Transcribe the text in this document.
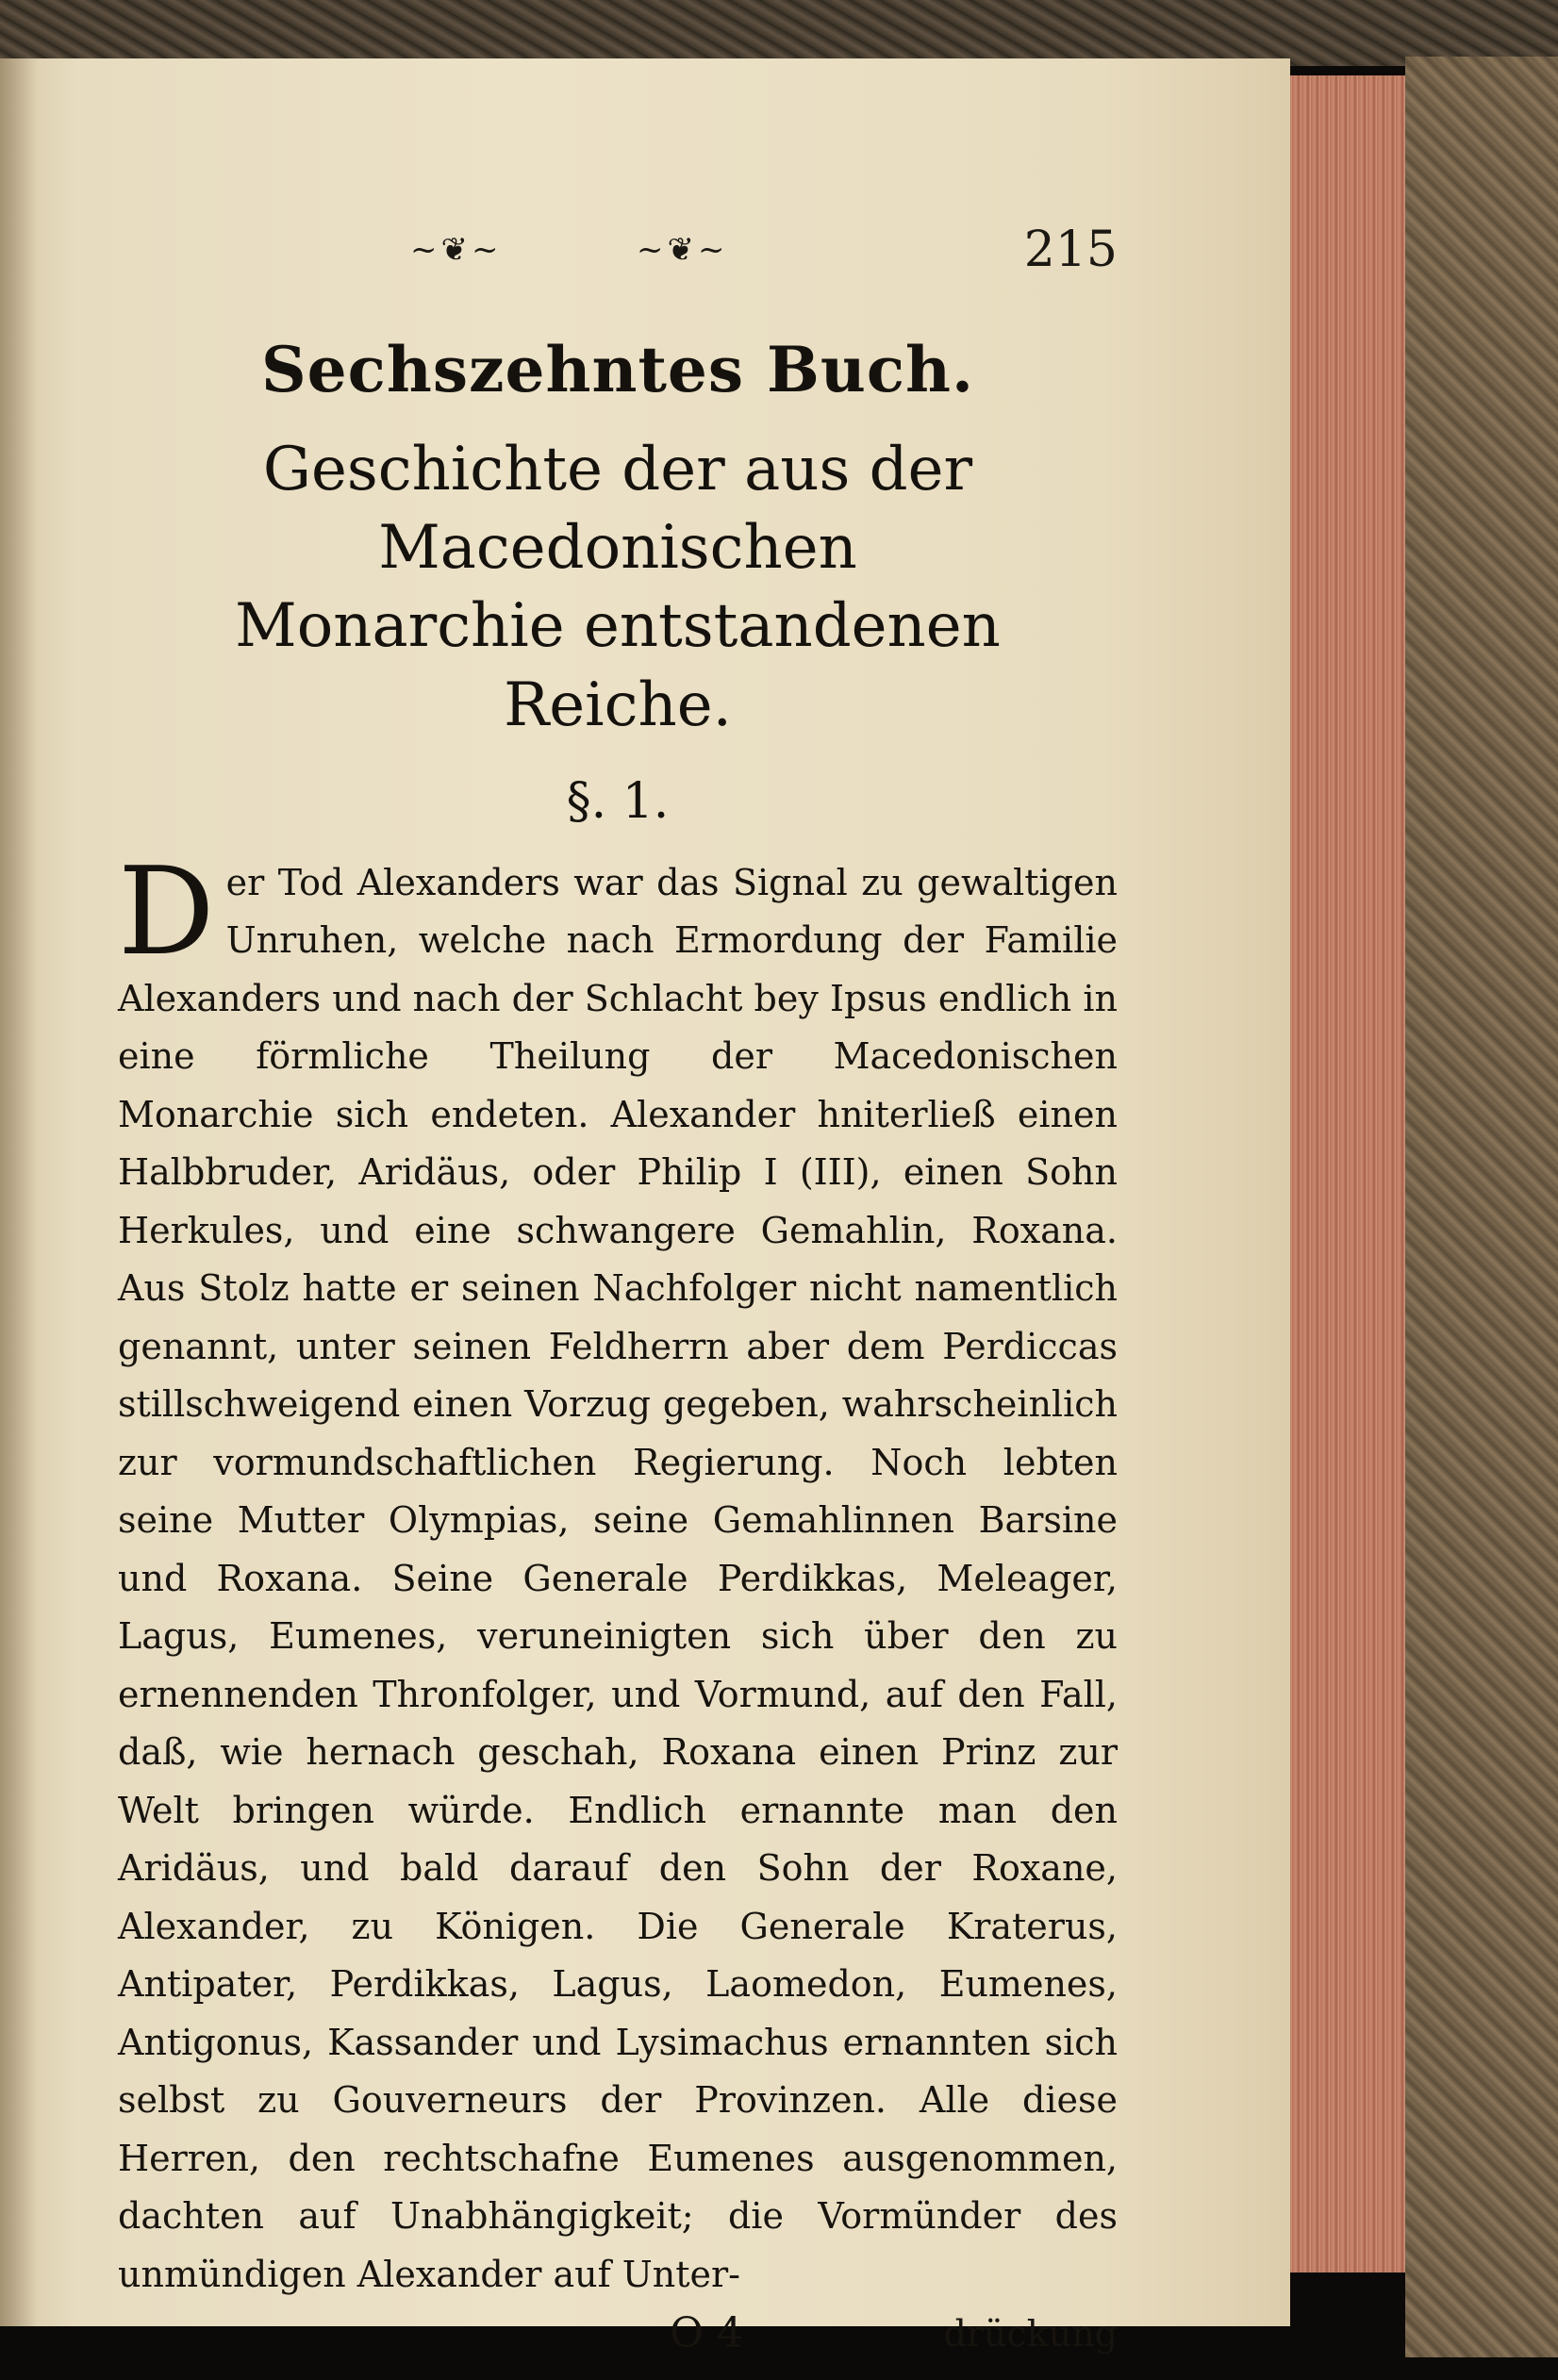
~❦~	~❦~	215
Sechszehntes Buch.
Geschichte der aus der Macedonischen
Monarchie entstandenen Reiche.
§. 1.

D er Tod Alexanders war das Signal zu gewaltigen Unruhen, welche nach Ermordung der Familie Alexanders und nach der Schlacht bey Ipsus endlich in eine förmliche Theilung der Macedonischen Monarchie sich endeten. Alexander hniterließ einen Halbbruder, Aridäus, oder Philip I (III), einen Sohn Herkules, und eine schwangere Gemahlin, Roxana. Aus Stolz hatte er seinen Nachfolger nicht namentlich genannt, unter seinen Feldherrn aber dem Perdiccas stillschweigend einen Vorzug gegeben, wahrscheinlich zur vormundschaftlichen Regierung. Noch lebten seine Mutter Olympias, seine Gemahlinnen Barsine und Roxana. Seine Generale Perdikkas, Meleager, Lagus, Eumenes, veruneinigten sich über den zu ernennenden Thronfolger, und Vormund, auf den Fall, daß, wie hernach geschah, Roxana einen Prinz zur Welt bringen würde. Endlich ernannte man den Aridäus, und bald darauf den Sohn der Roxane, Alexander, zu Königen. Die Generale Kraterus, Antipater, Perdikkas, Lagus, Laomedon, Eumenes, Antigonus, Kassander und Lysimachus ernannten sich selbst zu Gouverneurs der Provinzen. Alle diese Herren, den rechtschafne Eumenes ausgenommen, dachten auf Unabhängigkeit; die Vormünder des unmündigen Alexander auf Unter-

O 4	drückung
